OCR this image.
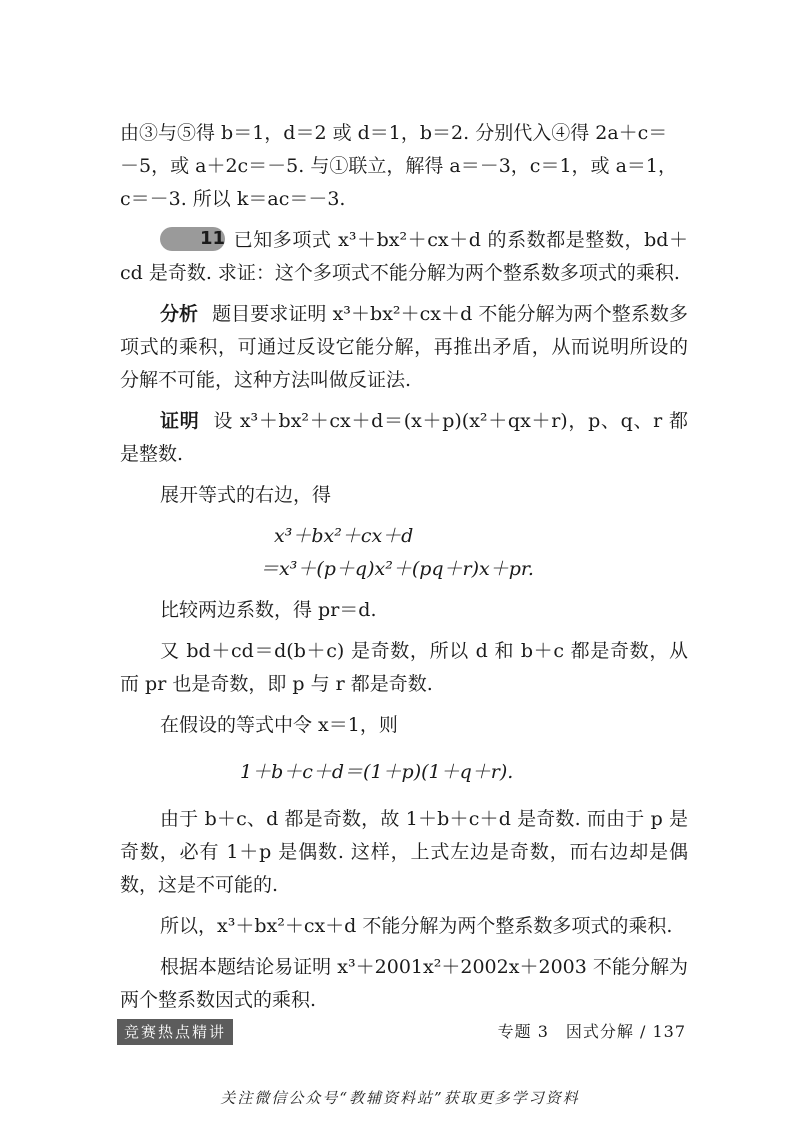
由③与⑤得 b＝1，d＝2 或 d＝1，b＝2. 分别代入④得 2a＋c＝
－5，或 a＋2c＝－5. 与①联立，解得 a＝－3，c＝1，或 a＝1，
c＝－3. 所以 k＝ac＝－3.

11 已知多项式 x³＋bx²＋cx＋d 的系数都是整数，bd＋cd 是奇数. 求证：这个多项式不能分解为两个整系数多项式的乘积.

分析 题目要求证明 x³＋bx²＋cx＋d 不能分解为两个整系数多项式的乘积，可通过反设它能分解，再推出矛盾，从而说明所设的分解不可能，这种方法叫做反证法.

证明 设 x³＋bx²＋cx＋d＝(x＋p)(x²＋qx＋r)，p、q、r 都是整数.

展开等式的右边，得

x³＋bx²＋cx＋d
＝x³＋(p＋q)x²＋(pq＋r)x＋pr.

比较两边系数，得 pr＝d.

又 bd＋cd＝d(b＋c) 是奇数，所以 d 和 b＋c 都是奇数，从而 pr 也是奇数，即 p 与 r 都是奇数.

在假设的等式中令 x＝1，则

1＋b＋c＋d＝(1＋p)(1＋q＋r).

由于 b＋c、d 都是奇数，故 1＋b＋c＋d 是奇数. 而由于 p 是奇数，必有 1＋p 是偶数. 这样，上式左边是奇数，而右边却是偶数，这是不可能的.

所以，x³＋bx²＋cx＋d 不能分解为两个整系数多项式的乘积.

根据本题结论易证明 x³＋2001x²＋2002x＋2003 不能分解为两个整系数因式的乘积.

竞赛热点精讲	专题 3　因式分解 / 137
关注微信公众号“教辅资料站”获取更多学习资料
